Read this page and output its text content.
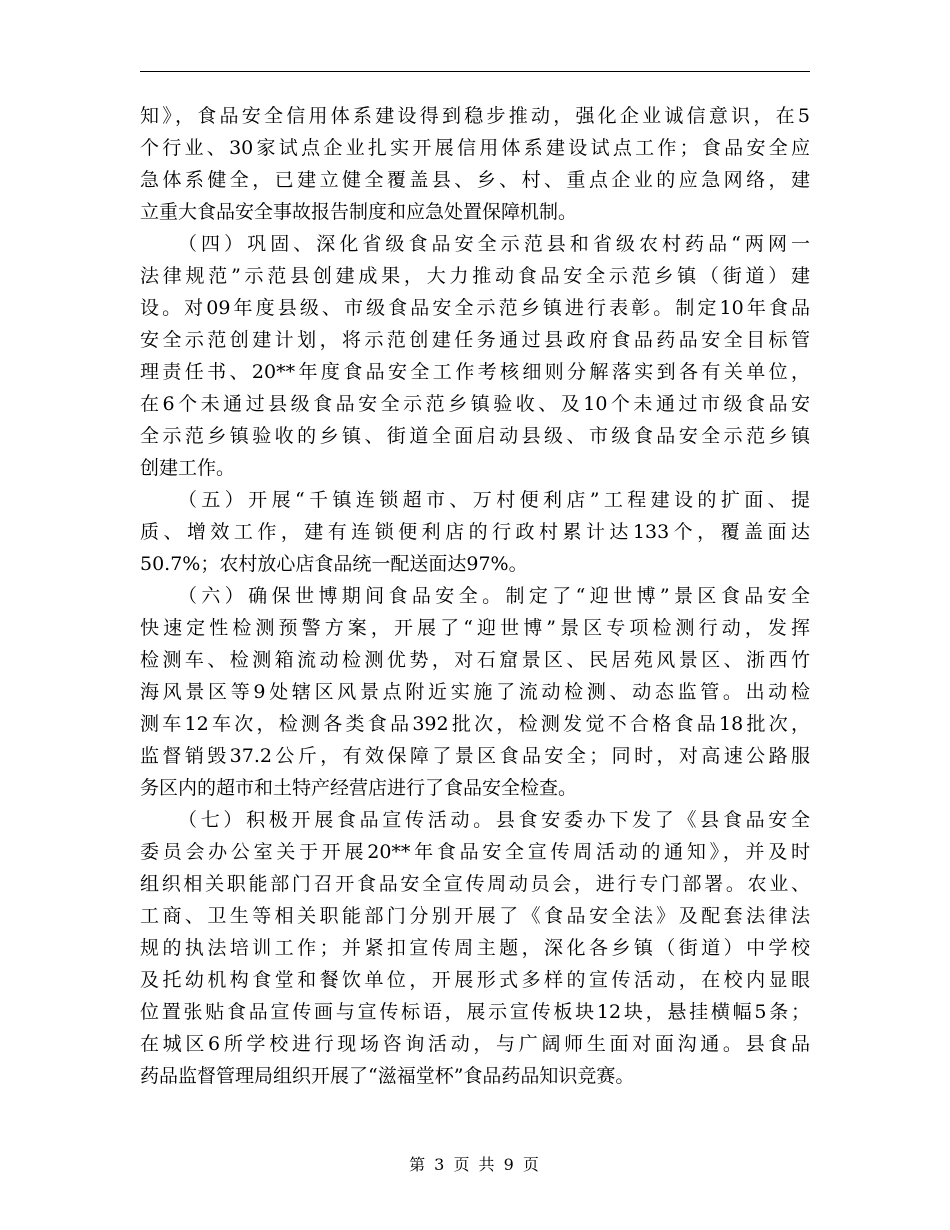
知》，食品安全信用体系建设得到稳步推动，强化企业诚信意识，在5
个行业、30家试点企业扎实开展信用体系建设试点工作；食品安全应
急体系健全，已建立健全覆盖县、乡、村、重点企业的应急网络，建
立重大食品安全事故报告制度和应急处置保障机制。
（四）巩固、深化省级食品安全示范县和省级农村药品“两网一
法律规范”示范县创建成果，大力推动食品安全示范乡镇（街道）建
设。对09年度县级、市级食品安全示范乡镇进行表彰。制定10年食品
安全示范创建计划，将示范创建任务通过县政府食品药品安全目标管
理责任书、20**年度食品安全工作考核细则分解落实到各有关单位，
在6个未通过县级食品安全示范乡镇验收、及10个未通过市级食品安
全示范乡镇验收的乡镇、街道全面启动县级、市级食品安全示范乡镇
创建工作。
（五）开展“千镇连锁超市、万村便利店”工程建设的扩面、提
质、增效工作，建有连锁便利店的行政村累计达133个，覆盖面达
50.7%；农村放心店食品统一配送面达97%。
（六）确保世博期间食品安全。制定了“迎世博”景区食品安全
快速定性检测预警方案，开展了“迎世博”景区专项检测行动，发挥
检测车、检测箱流动检测优势，对石窟景区、民居苑风景区、浙西竹
海风景区等9处辖区风景点附近实施了流动检测、动态监管。出动检
测车12车次，检测各类食品392批次，检测发觉不合格食品18批次，
监督销毁37.2公斤，有效保障了景区食品安全；同时，对高速公路服
务区内的超市和土特产经营店进行了食品安全检查。
（七）积极开展食品宣传活动。县食安委办下发了《县食品安全
委员会办公室关于开展20**年食品安全宣传周活动的通知》，并及时
组织相关职能部门召开食品安全宣传周动员会，进行专门部署。农业、
工商、卫生等相关职能部门分别开展了《食品安全法》及配套法律法
规的执法培训工作；并紧扣宣传周主题，深化各乡镇（街道）中学校
及托幼机构食堂和餐饮单位，开展形式多样的宣传活动，在校内显眼
位置张贴食品宣传画与宣传标语，展示宣传板块12块，悬挂横幅5条；
在城区6所学校进行现场咨询活动，与广阔师生面对面沟通。县食品
药品监督管理局组织开展了“滋福堂杯”食品药品知识竞赛。
第 3 页 共 9 页
